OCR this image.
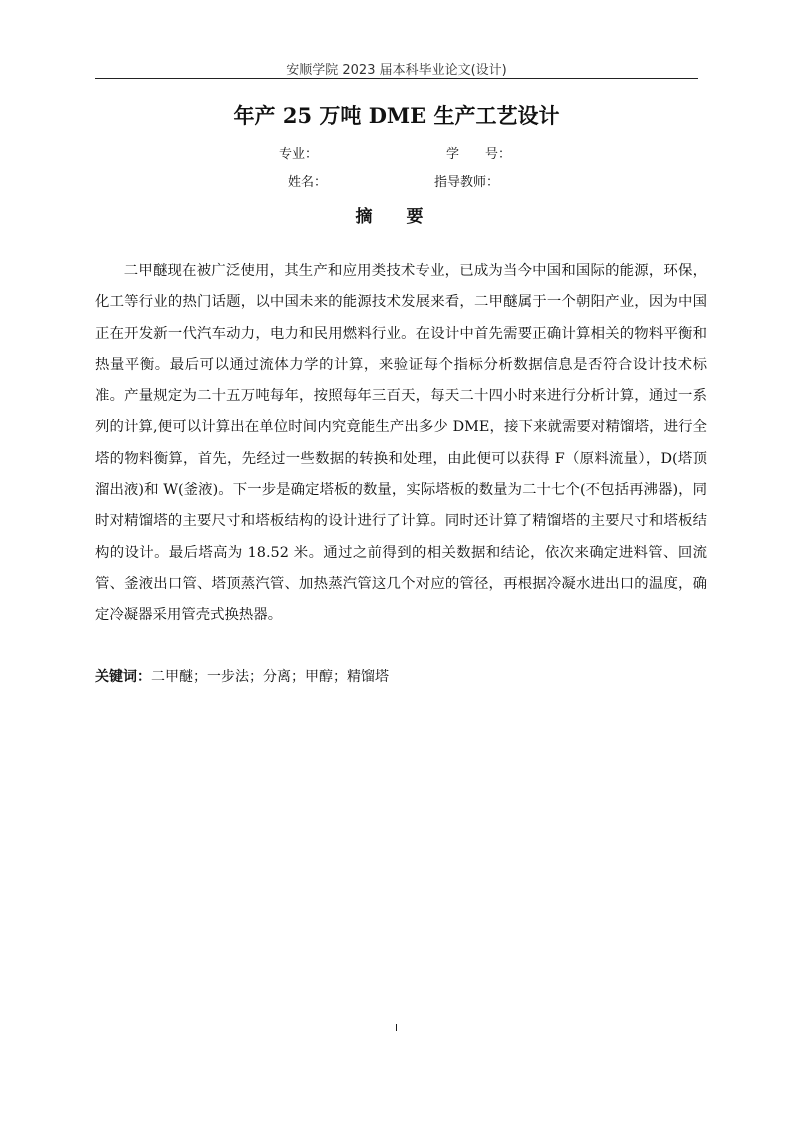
安顺学院 2023 届本科毕业论文(设计)
年产 25 万吨 DME 生产工艺设计
专业：	学　　号：
姓名：	指导教师：
摘 要

二甲醚现在被广泛使用，其生产和应用类技术专业，已成为当今中国和国际的能源，环保，化工等行业的热门话题，以中国未来的能源技术发展来看，二甲醚属于一个朝阳产业，因为中国正在开发新一代汽车动力，电力和民用燃料行业。在设计中首先需要正确计算相关的物料平衡和热量平衡。最后可以通过流体力学的计算，来验证每个指标分析数据信息是否符合设计技术标准。产量规定为二十五万吨每年，按照每年三百天，每天二十四小时来进行分析计算，通过一系列的计算,便可以计算出在单位时间内究竟能生产出多少 DME，接下来就需要对精馏塔，进行全塔的物料衡算，首先，先经过一些数据的转换和处理，由此便可以获得 F（原料流量），D(塔顶溜出液)和 W(釜液)。下一步是确定塔板的数量，实际塔板的数量为二十七个(不包括再沸器)，同时对精馏塔的主要尺寸和塔板结构的设计进行了计算。同时还计算了精馏塔的主要尺寸和塔板结构的设计。最后塔高为 18.52 米。通过之前得到的相关数据和结论，依次来确定进料管、回流管、釜液出口管、塔顶蒸汽管、加热蒸汽管这几个对应的管径，再根据冷凝水进出口的温度，确定冷凝器采用管壳式换热器。

关键词：二甲醚；一步法；分离；甲醇；精馏塔
I
